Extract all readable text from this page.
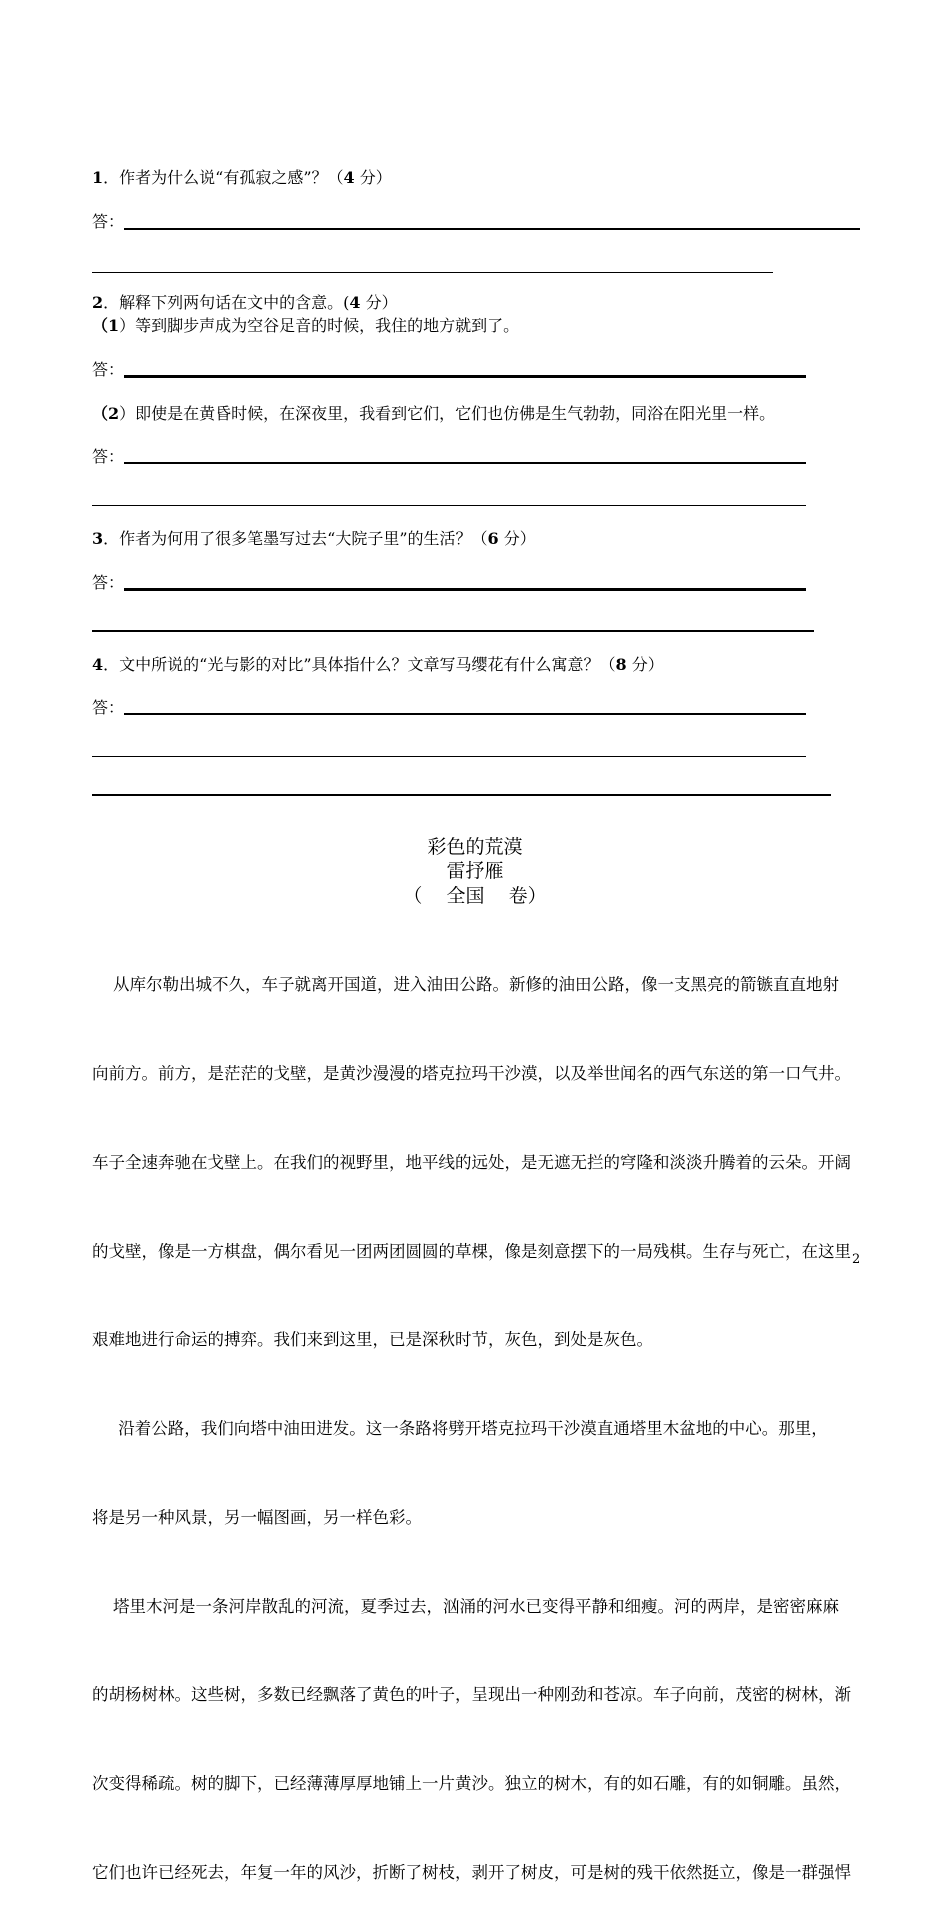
1．作者为什么说“有孤寂之感”？（4 分）
答：
2．解释下列两句话在文中的含意。(4 分）
（1）等到脚步声成为空谷足音的时候，我住的地方就到了。
答：
（2）即使是在黄昏时候，在深夜里，我看到它们，它们也仿佛是生气勃勃，同浴在阳光里一样。
答：
3．作者为何用了很多笔墨写过去“大院子里”的生活？（6 分）
答：
4．文中所说的“光与影的对比”具体指什么？文章写马缨花有什么寓意？（8 分）
答：
彩色的荒漠
雷抒雁
（    全国    卷）

从库尔勒出城不久，车子就离开国道，进入油田公路。新修的油田公路，像一支黑亮的箭镞直直地射

向前方。前方，是茫茫的戈壁，是黄沙漫漫的塔克拉玛干沙漠，以及举世闻名的西气东送的第一口气井。

车子全速奔驰在戈壁上。在我们的视野里，地平线的远处，是无遮无拦的穹隆和淡淡升腾着的云朵。开阔

的戈壁，像是一方棋盘，偶尔看见一团两团圆圆的草棵，像是刻意摆下的一局残棋。生存与死亡，在这里

艰难地进行命运的搏弈。我们来到这里，已是深秋时节，灰色，到处是灰色。

沿着公路，我们向塔中油田进发。这一条路将劈开塔克拉玛干沙漠直通塔里木盆地的中心。那里，

将是另一种风景，另一幅图画，另一样色彩。

塔里木河是一条河岸散乱的河流，夏季过去，汹涌的河水已变得平静和细瘦。河的两岸，是密密麻麻

的胡杨树林。这些树，多数已经飘落了黄色的叶子，呈现出一种刚劲和苍凉。车子向前，茂密的树林，渐

次变得稀疏。树的脚下，已经薄薄厚厚地铺上一片黄沙。独立的树木，有的如石雕，有的如铜雕。虽然，

它们也许已经死去，年复一年的风沙，折断了树枝，剥开了树皮，可是树的残干依然挺立，像是一群强悍

2
